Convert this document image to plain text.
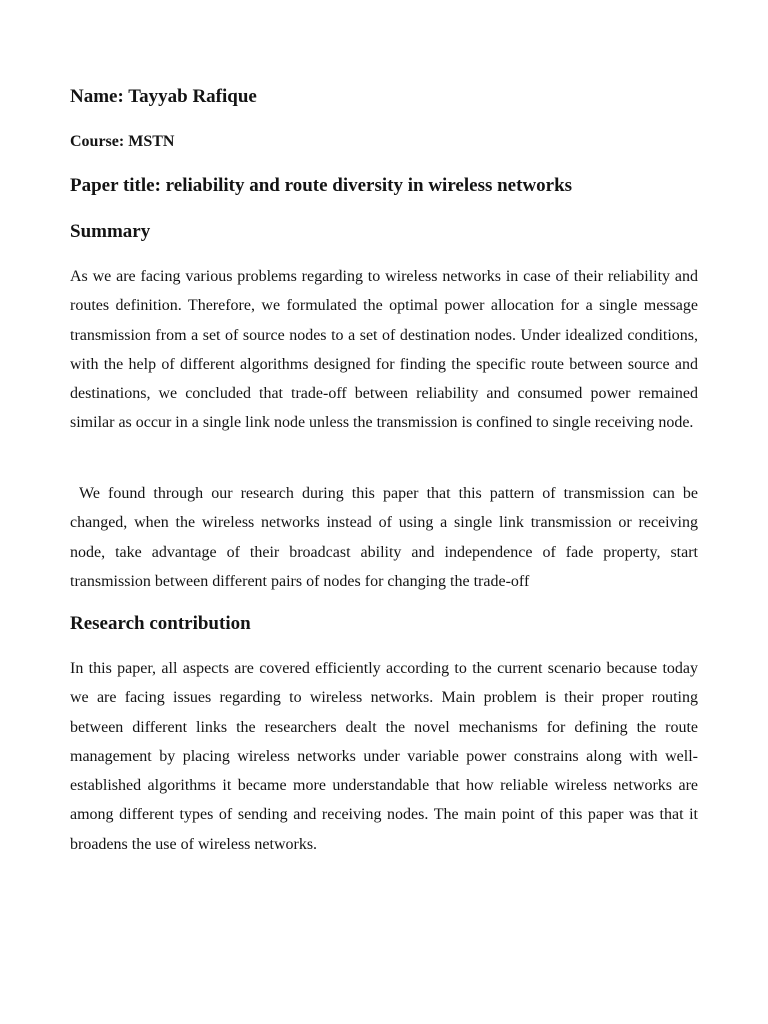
Name: Tayyab Rafique
Course: MSTN
Paper title: reliability and route diversity in wireless networks
Summary

As we are facing various problems regarding to wireless networks in case of their reliability and routes definition. Therefore, we formulated the optimal power allocation for a single message transmission from a set of source nodes to a set of destination nodes. Under idealized conditions, with the help of different algorithms designed for finding the specific route between source and destinations, we concluded that trade-off between reliability and consumed power remained similar as occur in a single link node unless the transmission is confined to single receiving node.

We found through our research during this paper that this pattern of transmission can be changed, when the wireless networks instead of using a single link transmission or receiving node, take advantage of their broadcast ability and independence of fade property, start transmission between different pairs of nodes for changing the trade-off

Research contribution

In this paper, all aspects are covered efficiently according to the current scenario because today we are facing issues regarding to wireless networks. Main problem is their proper routing between different links the researchers dealt the novel mechanisms for defining the route management by placing wireless networks under variable power constrains along with well-established algorithms it became more understandable that how reliable wireless networks are among different types of sending and receiving nodes. The main point of this paper was that it broadens the use of wireless networks.
